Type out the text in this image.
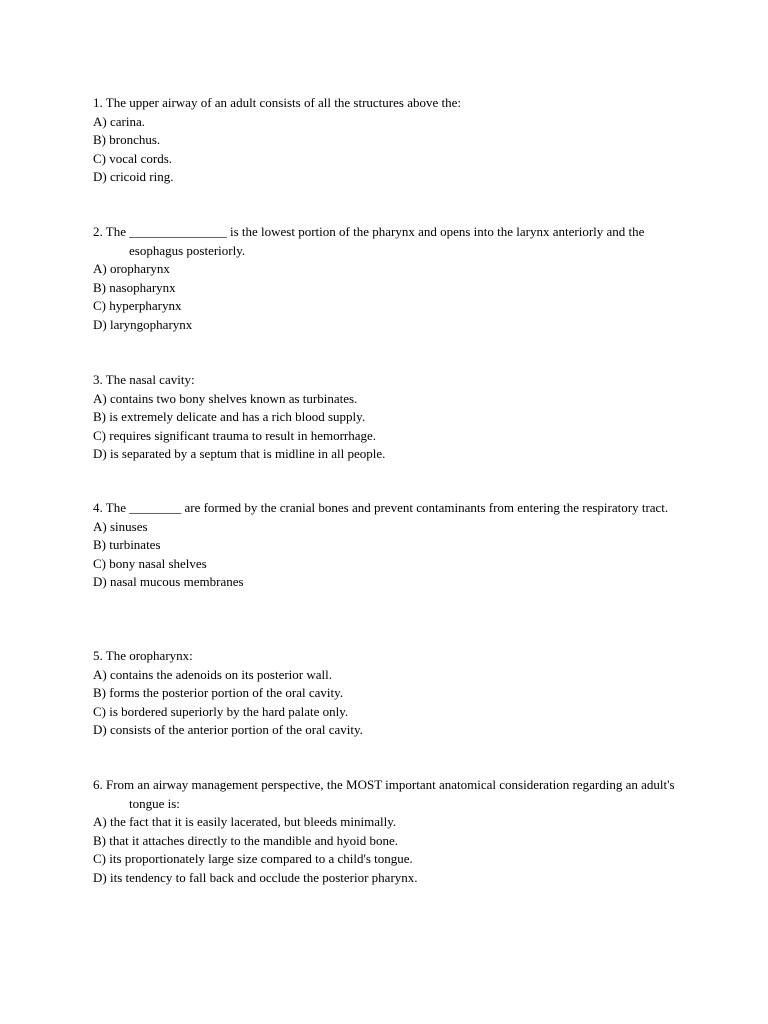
1. The upper airway of an adult consists of all the structures above the:
A) carina.
B) bronchus.
C) vocal cords.
D) cricoid ring.
2. The _______________ is the lowest portion of the pharynx and opens into the larynx anteriorly and the esophagus posteriorly.
A) oropharynx
B) nasopharynx
C) hyperpharynx
D) laryngopharynx
3. The nasal cavity:
A) contains two bony shelves known as turbinates.
B) is extremely delicate and has a rich blood supply.
C) requires significant trauma to result in hemorrhage.
D) is separated by a septum that is midline in all people.
4. The ________ are formed by the cranial bones and prevent contaminants from entering the respiratory tract.
A) sinuses
B) turbinates
C) bony nasal shelves
D) nasal mucous membranes
5. The oropharynx:
A) contains the adenoids on its posterior wall.
B) forms the posterior portion of the oral cavity.
C) is bordered superiorly by the hard palate only.
D) consists of the anterior portion of the oral cavity.
6. From an airway management perspective, the MOST important anatomical consideration regarding an adult's tongue is:
A) the fact that it is easily lacerated, but bleeds minimally.
B) that it attaches directly to the mandible and hyoid bone.
C) its proportionately large size compared to a child's tongue.
D) its tendency to fall back and occlude the posterior pharynx.
